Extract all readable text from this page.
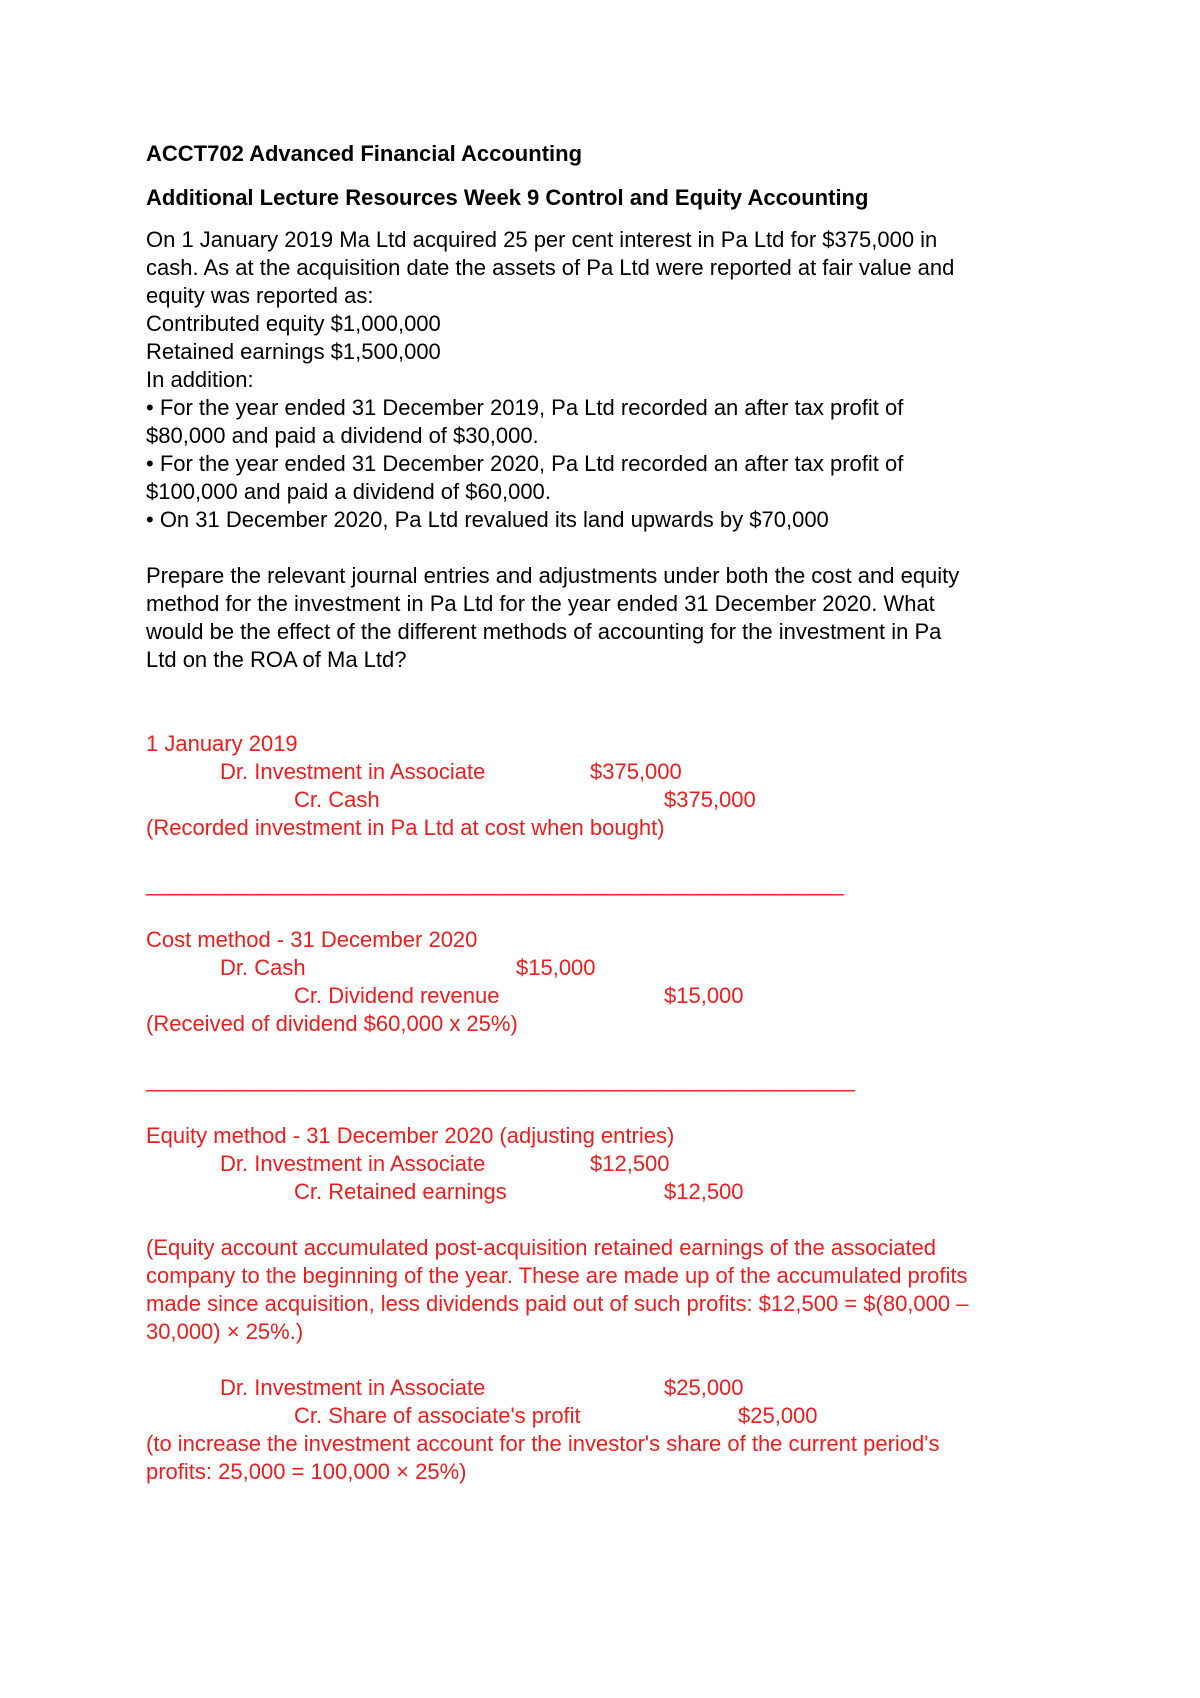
ACCT702 Advanced Financial Accounting

Additional Lecture Resources Week 9 Control and Equity Accounting

On 1 January 2019 Ma Ltd acquired 25 per cent interest in Pa Ltd for $375,000 in

cash. As at the acquisition date the assets of Pa Ltd were reported at fair value and

equity was reported as:

Contributed equity $1,000,000

Retained earnings $1,500,000

In addition:

• For the year ended 31 December 2019, Pa Ltd recorded an after tax profit of

$80,000 and paid a dividend of $30,000.

• For the year ended 31 December 2020, Pa Ltd recorded an after tax profit of

$100,000 and paid a dividend of $60,000.

• On 31 December 2020, Pa Ltd revalued its land upwards by $70,000

Prepare the relevant journal entries and adjustments under both the cost and equity

method for the investment in Pa Ltd for the year ended 31 December 2020. What

would be the effect of the different methods of accounting for the investment in Pa

Ltd on the ROA of Ma Ltd?

1 January 2019

Dr. Investment in Associate	$375,000
Cr. Cash	$375,000

(Recorded investment in Pa Ltd at cost when bought)

______________________________________________________________

Cost method - 31 December 2020

Dr. Cash	$15,000
Cr. Dividend revenue	$15,000

(Received of dividend $60,000 x 25%)

_______________________________________________________________

Equity method - 31 December 2020 (adjusting entries)

Dr. Investment in Associate	$12,500
Cr. Retained earnings	$12,500

(Equity account accumulated post-acquisition retained earnings of the associated

company to the beginning of the year. These are made up of the accumulated profits

made since acquisition, less dividends paid out of such profits: $12,500 = $(80,000 –

30,000) × 25%.)

Dr. Investment in Associate	$25,000
Cr. Share of associate's profit	$25,000

(to increase the investment account for the investor's share of the current period's

profits: 25,000 = 100,000 × 25%)
